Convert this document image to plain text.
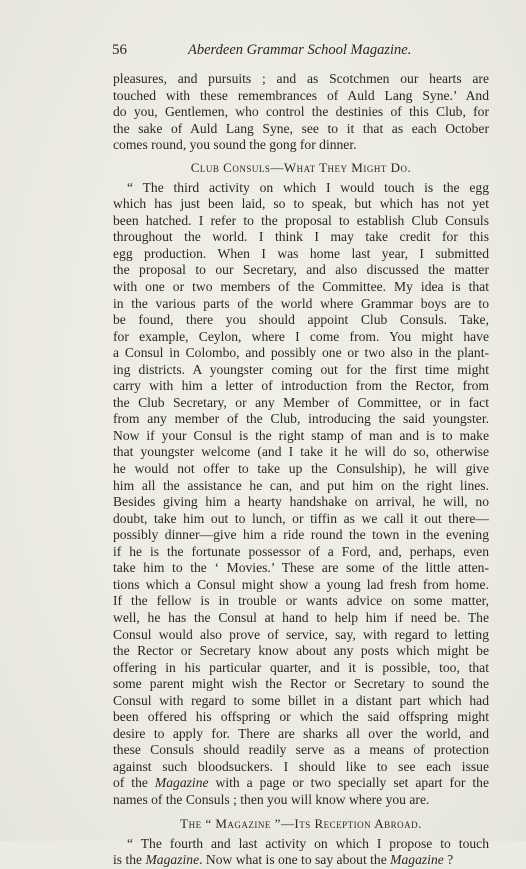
56	Aberdeen Grammar School Magazine.
pleasures, and pursuits ; and as Scotchmen our hearts are
touched with these remembrances of Auld Lang Syne.’ And
do you, Gentlemen, who control the destinies of this Club, for
the sake of Auld Lang Syne, see to it that as each October
comes round, you sound the gong for dinner.
Club Consuls—What They Might Do.
“ The third activity on which I would touch is the egg
which has just been laid, so to speak, but which has not yet
been hatched. I refer to the proposal to establish Club Consuls
throughout the world. I think I may take credit for this
egg production. When I was home last year, I submitted
the proposal to our Secretary, and also discussed the matter
with one or two members of the Committee. My idea is that
in the various parts of the world where Grammar boys are to
be found, there you should appoint Club Consuls. Take,
for example, Ceylon, where I come from. You might have
a Consul in Colombo, and possibly one or two also in the plant-
ing districts. A youngster coming out for the first time might
carry with him a letter of introduction from the Rector, from
the Club Secretary, or any Member of Committee, or in fact
from any member of the Club, introducing the said youngster.
Now if your Consul is the right stamp of man and is to make
that youngster welcome (and I take it he will do so, otherwise
he would not offer to take up the Consulship), he will give
him all the assistance he can, and put him on the right lines.
Besides giving him a hearty handshake on arrival, he will, no
doubt, take him out to lunch, or tiffin as we call it out there—
possibly dinner—give him a ride round the town in the evening
if he is the fortunate possessor of a Ford, and, perhaps, even
take him to the ‘ Movies.’ These are some of the little atten-
tions which a Consul might show a young lad fresh from home.
If the fellow is in trouble or wants advice on some matter,
well, he has the Consul at hand to help him if need be. The
Consul would also prove of service, say, with regard to letting
the Rector or Secretary know about any posts which might be
offering in his particular quarter, and it is possible, too, that
some parent might wish the Rector or Secretary to sound the
Consul with regard to some billet in a distant part which had
been offered his offspring or which the said offspring might
desire to apply for. There are sharks all over the world, and
these Consuls should readily serve as a means of protection
against such bloodsuckers. I should like to see each issue
of the Magazine with a page or two specially set apart for the
names of the Consuls ; then you will know where you are.
The “ Magazine ”—Its Reception Abroad.
“ The fourth and last activity on which I propose to touch
is the Magazine. Now what is one to say about the Magazine ?
